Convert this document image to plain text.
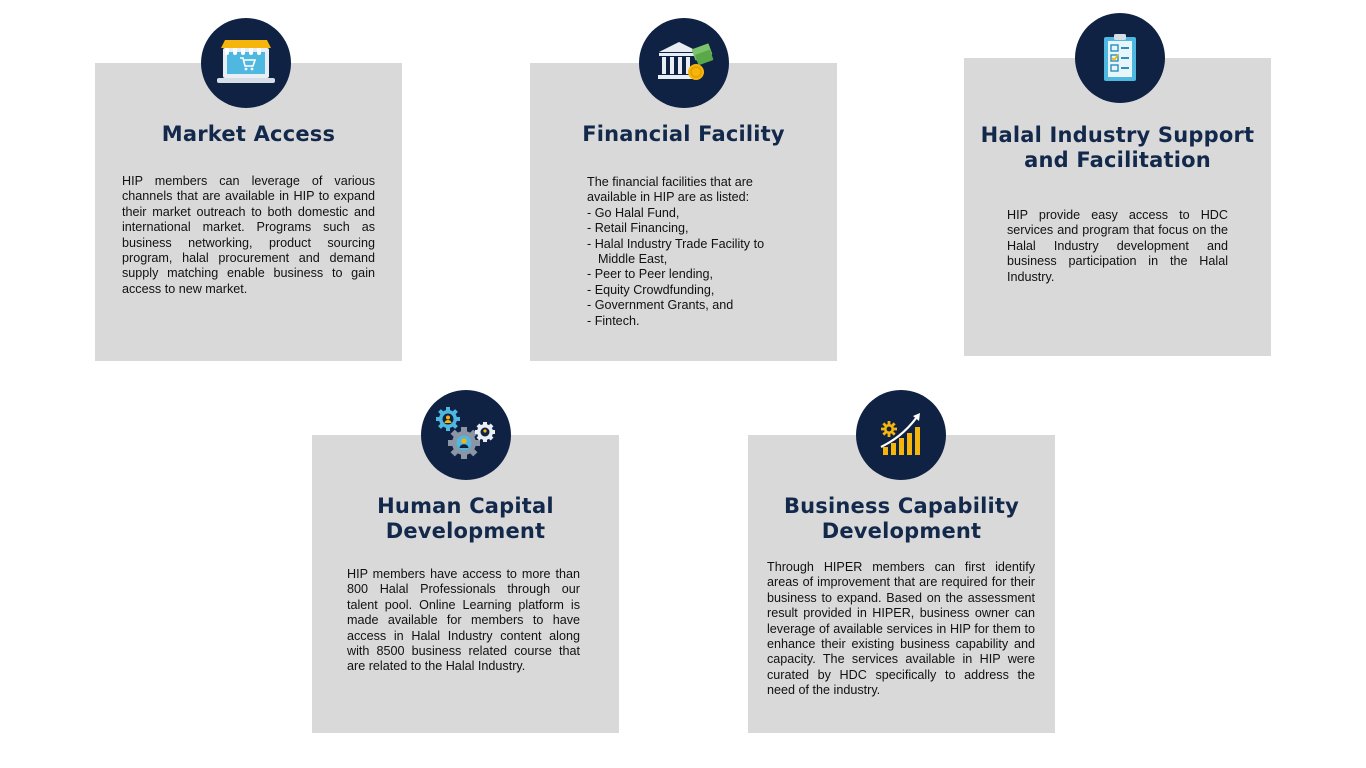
Market Access

HIP members can leverage of various channels that are available in HIP to expand their market outreach to both domestic and international market. Programs such as business networking, product sourcing program, halal procurement and demand supply matching enable business to gain access to new market.

Financial Facility

The financial facilities that are available in HIP are as listed:

- Go Halal Fund,
- Retail Financing,
- Halal Industry Trade Facility to Middle East,
- Peer to Peer lending,
- Equity Crowdfunding,
- Government Grants, and
- Fintech.
Halal Industry Support and Facilitation

HIP provide easy access to HDC services and program that focus on the Halal Industry development and business participation in the Halal Industry.

Human Capital Development

HIP members have access to more than 800 Halal Professionals through our talent pool. Online Learning platform is made available for members to have access in Halal Industry content along with 8500 business related course that are related to the Halal Industry.

Business Capability Development

Through HIPER members can first identify areas of improvement that are required for their business to expand. Based on the assessment result provided in HIPER, business owner can leverage of available services in HIP for them to enhance their existing business capability and capacity. The services available in HIP were curated by HDC specifically to address the need of the industry.
